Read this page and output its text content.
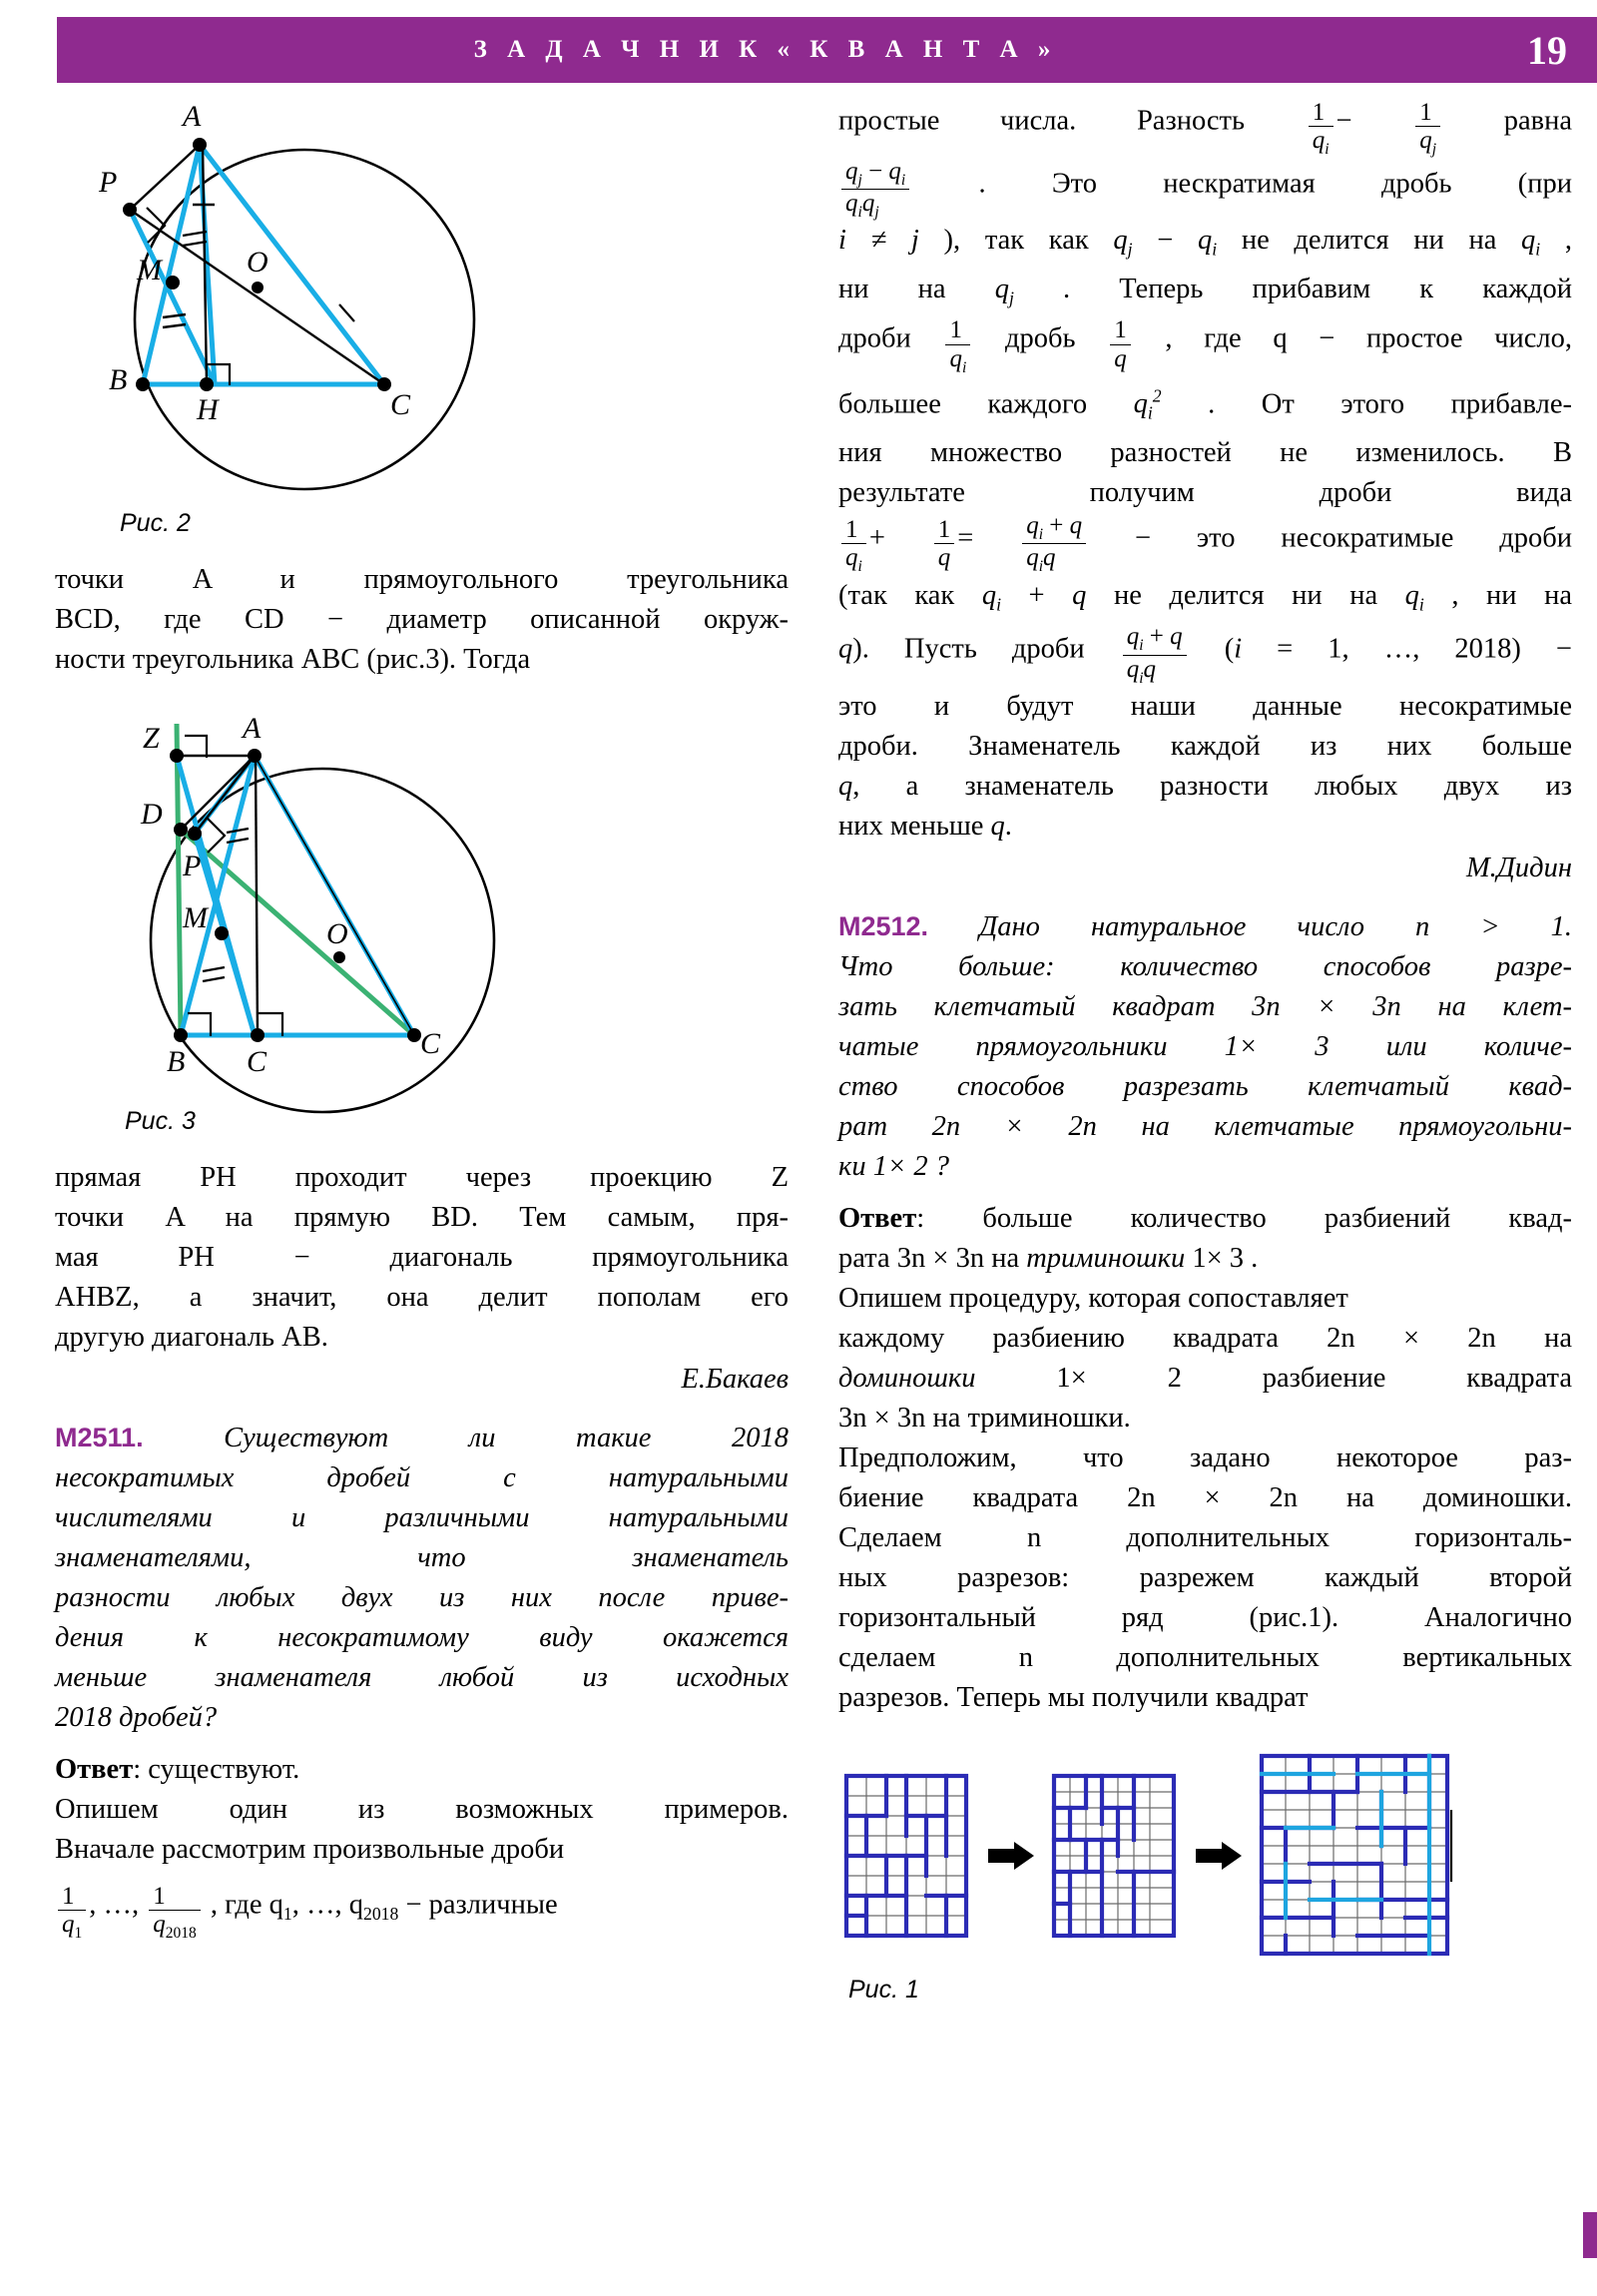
З А Д А Ч Н И К « К В А Н Т А »	19
A
P
M	O
B
H	C
Рис. 2

точки A и прямоугольного треугольника

BCD, где CD − диаметр описанной окруж-

ности треугольника ABC (рис.3). Тогда

Z	A
D
P
M	O
B C
C
Рис. 3

прямая PH проходит через проекцию Z

точки A на прямую BD. Тем самым, пря-

мая PH − диагональ прямоугольника

AHBZ, а значит, она делит пополам его

другую диагональ AB.

Е.Бакаев

M2511.	Существуют ли такие 2018

несократимых дробей с натуральными

числителями и различными натуральными

знаменателями, что знаменатель

разности любых двух из них после приве-

дения к несократимому виду окажется

меньше знаменателя любой из исходных

2018 дробей?

Ответ: существуют.

Опишем один из возможных примеров.

Вначале рассмотрим произвольные дроби

$\frac{1}{q_1}$ , …, $\frac{1}{q_{2018}}$ , где $q_1$, …, $q_{2018}$ − различные

простые числа. Разность	$\frac{1}{q_i} - \frac{1}{q_j}$ равна

$q_j - q_i$
$q_iq_j$
. Это нескратимая дробь (при

i ≠ j ), так как $q_j - q_i$ не делится ни на $q_i$ ,

ни на $q_j$ . Теперь прибавим к каждой

дроби $\frac{1}{q_i}$ дробь $\frac{1}{q}$ , где q − простое число,

большее каждого $q_i^2$ . От этого прибавле-

ния множество разностей не изменилось. В

результате получим дроби вида

$\frac{1}{q_i} + \frac{1}{q} = q_i + q$
$q_iq$
− это несократимые дроби

(так как $q_i + q$ не делится ни на $q_i$ , ни на

q). Пусть дроби $q_i + q$
$q_iq$
(i = 1, …, 2018) −

это и будут наши данные несократимые

дроби. Знаменатель каждой из них больше

q, а знаменатель разности любых двух из

них меньше q.

М.Дидин

M2512. Дано натуральное число n > 1.

Что больше: количество способов разре-

зать клетчатый квадрат 3n × 3n на клет-

чатые прямоугольники 1× 3 или количе-

ство способов разрезать клетчатый квад-

рат 2n × 2n на клетчатые прямоугольни-

ки 1× 2 ?

Ответ: больше количество разбиений квад-

рата 3n × 3n на триминошки 1× 3 .

Опишем процедуру, которая сопоставляет

каждому разбиению квадрата 2n × 2n на

доминошки 1× 2 разбиение квадрата

3n × 3n на триминошки.

Предположим, что задано некоторое раз-

биение квадрата 2n × 2n на доминошки.

Сделаем n дополнительных горизонталь-

ных разрезов: разрежем каждый второй

горизонтальный ряд (рис.1). Аналогично

сделаем n дополнительных вертикальных

разрезов. Теперь мы получили квадрат

Рис. 1
